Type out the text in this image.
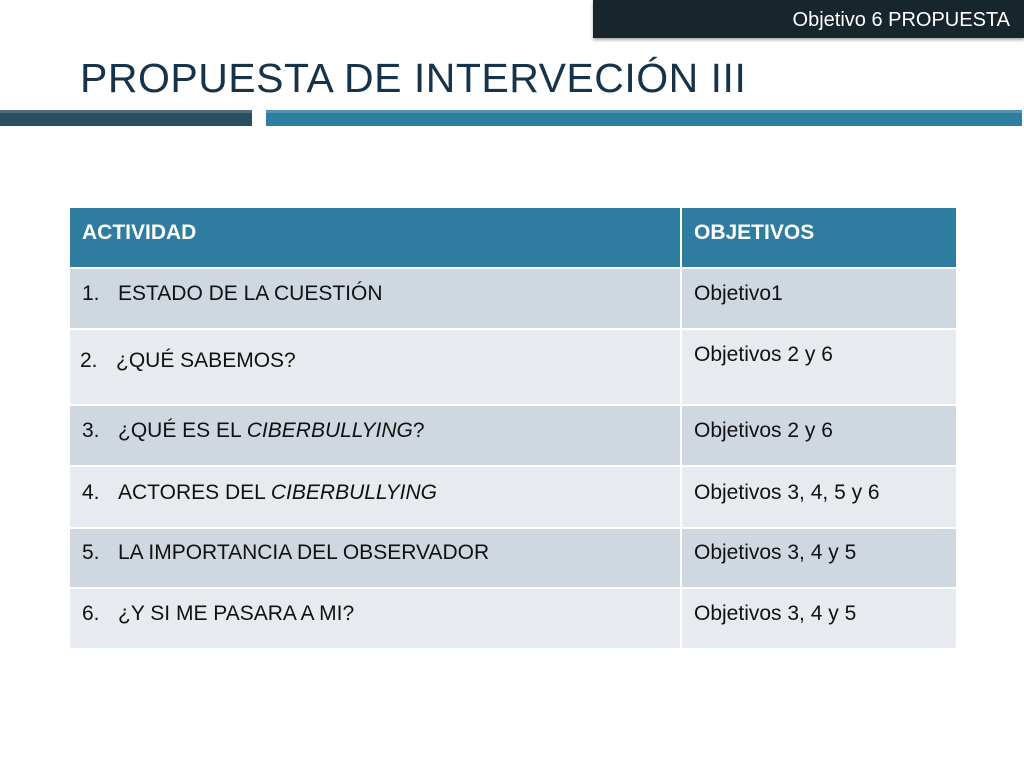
Objetivo 6 PROPUESTA
PROPUESTA DE INTERVECIÓN III
ACTIVIDAD	OBJETIVOS
1. ESTADO DE LA CUESTIÓN	Objetivo1
2. ¿QUÉ SABEMOS?	Objetivos 2 y 6
3. ¿QUÉ ES EL CIBERBULLYING?	Objetivos 2 y 6
4. ACTORES DEL CIBERBULLYING	Objetivos 3, 4, 5 y 6
5. LA IMPORTANCIA DEL OBSERVADOR	Objetivos 3, 4 y 5
6. ¿Y SI ME PASARA A MI?	Objetivos 3, 4 y 5
